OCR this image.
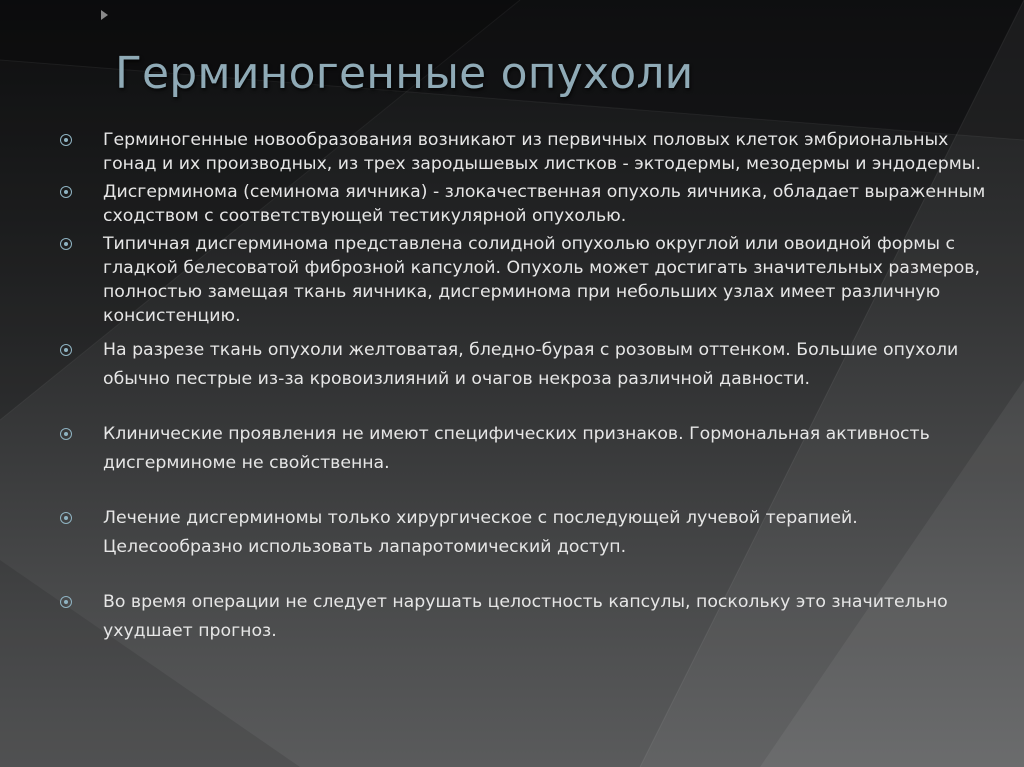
Герминогенные опухоли
Герминогенные новообразования возникают из первичных половых клеток эмбриональных гонад и их производных, из трех зародышевых листков - эктодермы, мезодермы и эндодермы.
Дисгерминома (семинома яичника) - злокачественная опухоль яичника, обладает выраженным сходством с соответствующей тестикулярной опухолью.
Типичная дисгерминома представлена солидной опухолью округлой или овоидной формы с гладкой белесоватой фиброзной капсулой. Опухоль может достигать значительных размеров, полностью замещая ткань яичника, дисгерминома при небольших узлах имеет различную консистенцию.
На разрезе ткань опухоли желтоватая, бледно-бурая с розовым оттенком. Большие опухоли обычно пестрые из-за кровоизлияний и очагов некроза различной давности.
Клинические проявления не имеют специфических признаков. Гормональная активность дисгерминоме не свойственна.
Лечение дисгерминомы только хирургическое с последующей лучевой терапией. Целесообразно использовать лапаротомический доступ.
Во время операции не следует нарушать целостность капсулы, поскольку это значительно ухудшает прогноз.
